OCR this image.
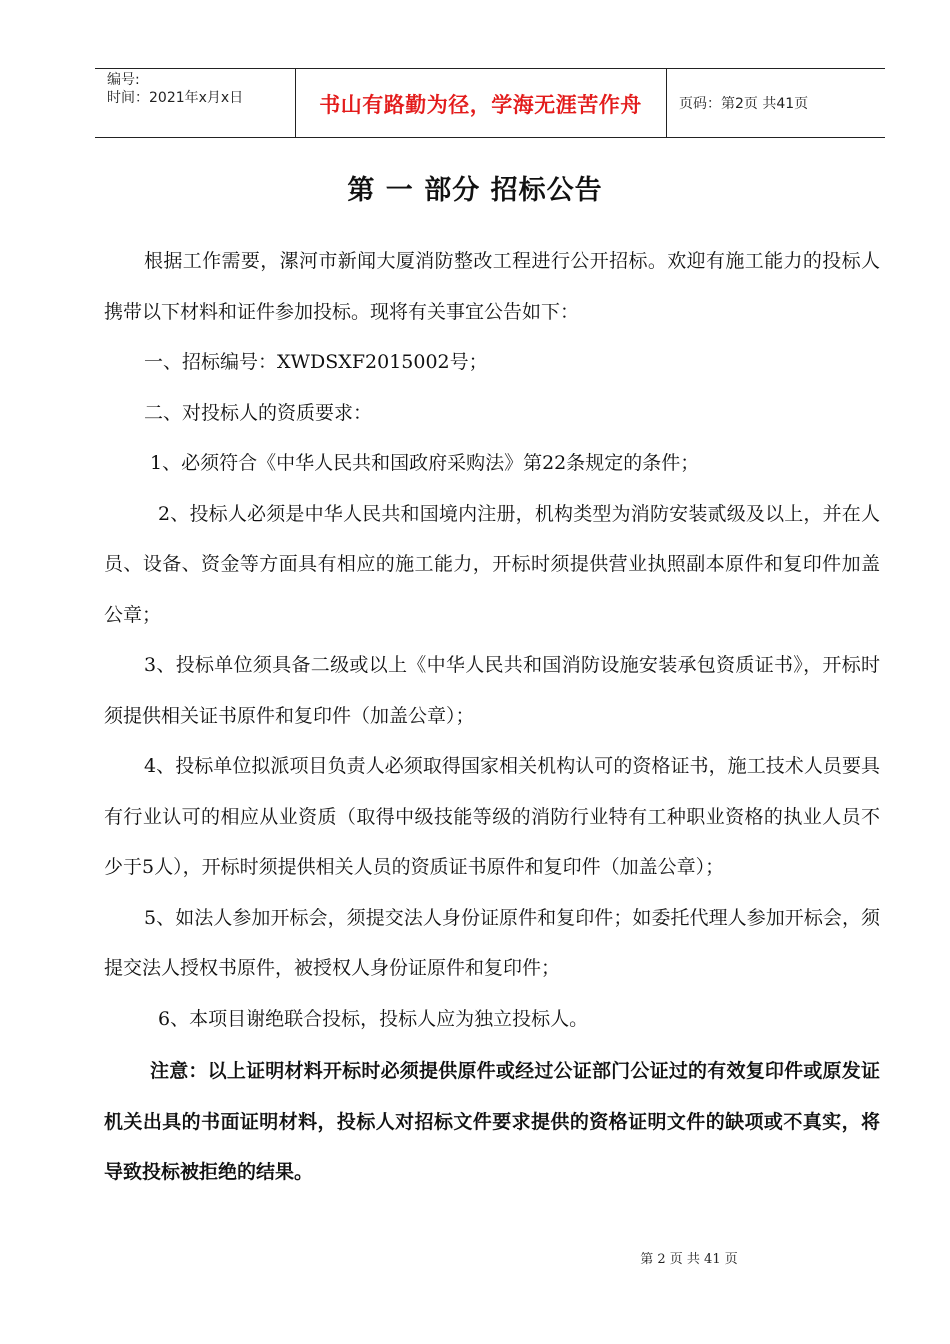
编号:
时间：2021年x月x日	书山有路勤为径，学海无涯苦作舟	页码：第2页 共41页
第 一 部分 招标公告

根据工作需要，漯河市新闻大厦消防整改工程进行公开招标。欢迎有施工能力的投标人携带以下材料和证件参加投标。现将有关事宜公告如下：

一、招标编号：XWDSXF2015002号；

二、对投标人的资质要求：

1、必须符合《中华人民共和国政府采购法》第22条规定的条件；

2、投标人必须是中华人民共和国境内注册，机构类型为消防安装贰级及以上，并在人员、设备、资金等方面具有相应的施工能力，开标时须提供营业执照副本原件和复印件加盖公章；

3、投标单位须具备二级或以上《中华人民共和国消防设施安装承包资质证书》，开标时须提供相关证书原件和复印件（加盖公章）；

4、投标单位拟派项目负责人必须取得国家相关机构认可的资格证书，施工技术人员要具有行业认可的相应从业资质（取得中级技能等级的消防行业特有工种职业资格的执业人员不少于5人），开标时须提供相关人员的资质证书原件和复印件（加盖公章）；

5、如法人参加开标会，须提交法人身份证原件和复印件；如委托代理人参加开标会，须提交法人授权书原件，被授权人身份证原件和复印件；

6、本项目谢绝联合投标，投标人应为独立投标人。

注意：以上证明材料开标时必须提供原件或经过公证部门公证过的有效复印件或原发证机关出具的书面证明材料，投标人对招标文件要求提供的资格证明文件的缺项或不真实，将导致投标被拒绝的结果。

第 2 页 共 41 页
